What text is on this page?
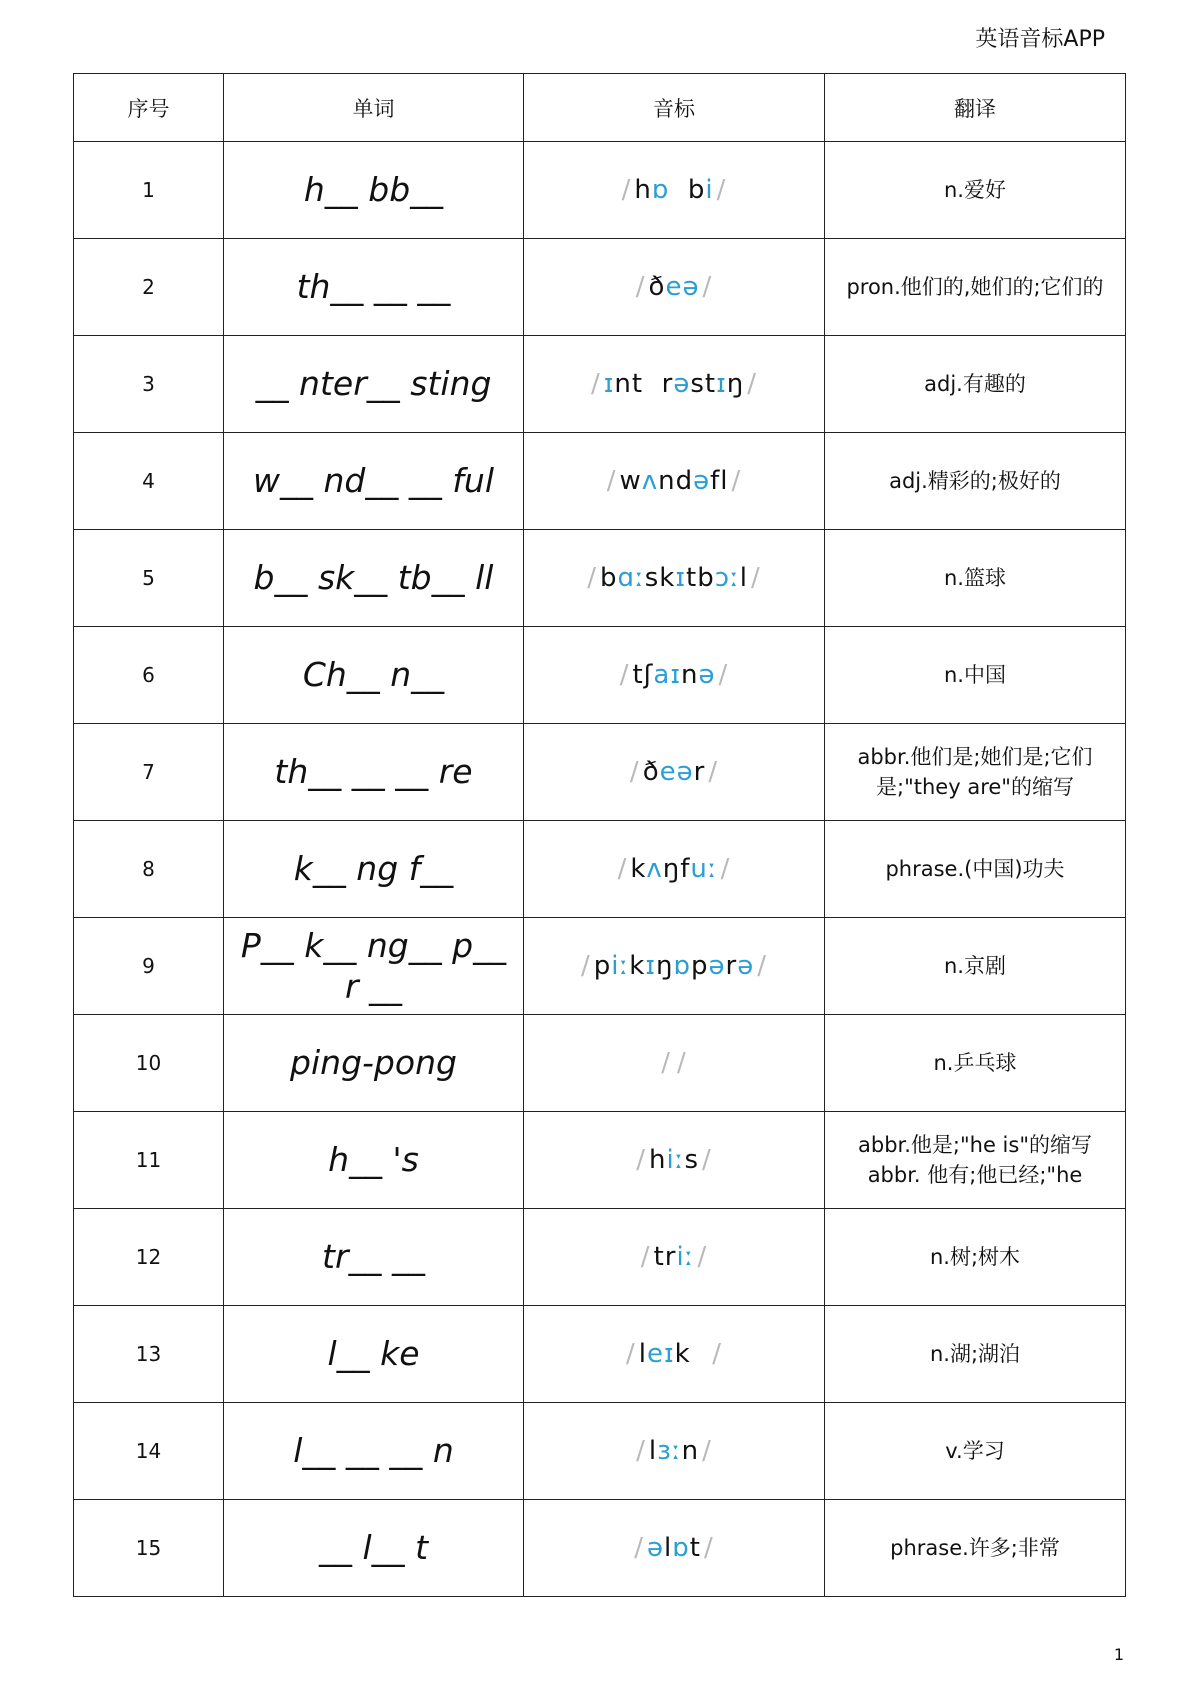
英语音标APP
序号	单词	音标	翻译
1	h__ bb__	/ hɒ  bi /	n.爱好
2	th__ __ __	/ ðeə /	pron.他们的,她们的;它们的
3	__ nter__ sting	/ ɪnt  rəstɪŋ /	adj.有趣的
4	w__ nd__ __ ful	/ wʌndəfl /	adj.精彩的;极好的
5	b__ sk__ tb__ ll	/ bɑːskɪtbɔːl /	n.篮球
6	Ch__ n__	/ tʃaɪnə /	n.中国
7	th__ __ __ re	/ ðeər /	abbr.他们是;她们是;它们是;"they are"的缩写
8	k__ ng f__	/ kʌŋfuː /	phrase.(中国)功夫
9	P__ k__ ng__ p__ r __	/ piːkɪŋɒpərə /	n.京剧
10	ping-pong	/ /	n.乒乓球
11	h__ 's	/ hiːs /	abbr.他是;"he is"的缩写 abbr. 他有;他已经;"he
12	tr__ __	/ triː /	n.树;树木
13	l__ ke	/ leɪk  /	n.湖;湖泊
14	l__ __ __ n	/ lɜːn /	v.学习
15	__ l__ t	/ əlɒt /	phrase.许多;非常
1
